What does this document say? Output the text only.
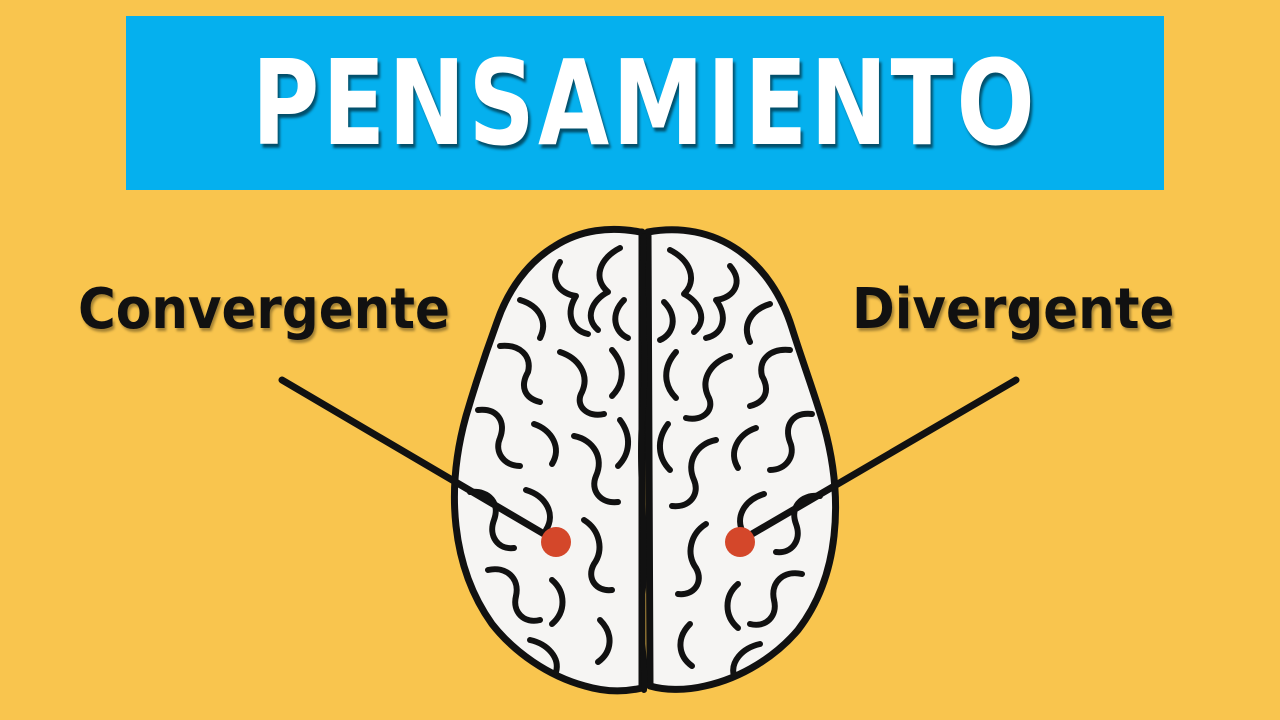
PENSAMIENTO
Convergente	Divergente
